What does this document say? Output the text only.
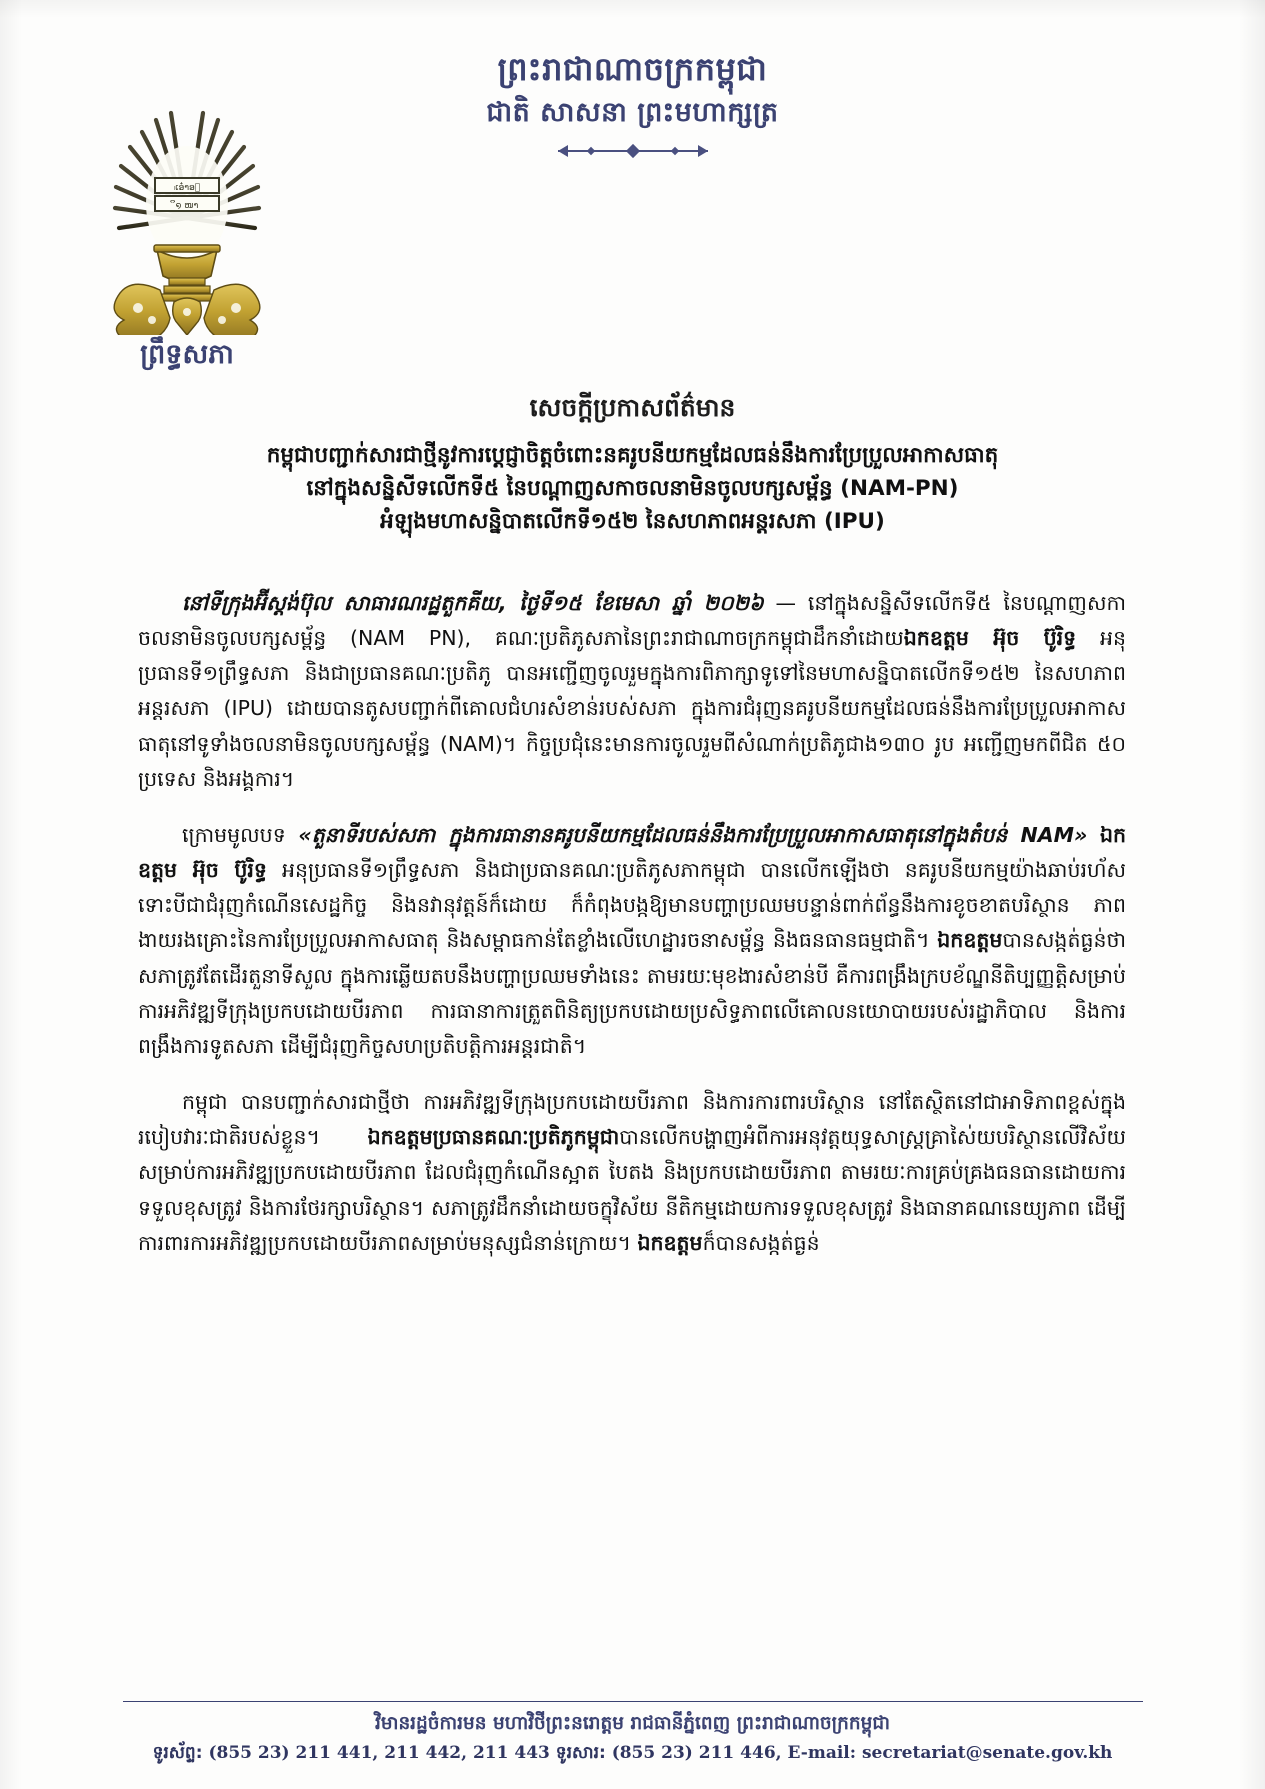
ព្រះរាជាណាចក្រកម្ពុជា
ជាតិ សាសនា ព្រះមហាក្សត្រ
၊ເອ໋າອ຺
ິ໑ ໜາ
ព្រឹទ្ធសភា
សេចក្តីប្រកាសព័ត៌មាន
កម្ពុជាបញ្ជាក់សារជាថ្មីនូវការប្តេជ្ញាចិត្តចំពោះនគរូបនីយកម្មដែលធន់នឹងការប្រែប្រួលអាកាសធាតុ
នៅក្នុងសន្និសីទលើកទី៥ នៃបណ្តាញសកាចលនាមិនចូលបក្សសម្ព័ន្ធ (NAM-PN)
អំឡុងមហាសន្និបាតលើកទី១៥២ នៃសហភាពអន្តរសភា (IPU)

នៅទីក្រុងអ៊ីស្តង់ប៊ុល សាធារណរដ្ឋតួកគីយ, ថ្ងៃទី១៥ ខែមេសា ឆ្នាំ ២០២៦ — នៅក្នុងសន្និសីទលើកទី៥ នៃបណ្តាញសកាចលនាមិនចូលបក្សសម្ព័ន្ធ (NAM PN), គណៈប្រតិភូសភានៃព្រះរាជាណាចក្រកម្ពុជាដឹកនាំដោយឯកឧត្តម អ៊ុច ប៊ូរិទ្ធ អនុប្រធានទី១ព្រឹទ្ធសភា និងជាប្រធានគណៈប្រតិភូ បានអញ្ជើញចូលរួមក្នុងការពិភាក្សាទូទៅនៃមហាសន្និបាតលើកទី១៥២ នៃសហភាពអន្តរសភា (IPU) ដោយបានតូសបញ្ជាក់ពីគោលជំហរសំខាន់របស់សភា ក្នុងការជំរុញនគរូបនីយកម្មដែលធន់នឹងការប្រែប្រួលអាកាសធាតុនៅទូទាំងចលនាមិនចូលបក្សសម្ព័ន្ធ (NAM)។ កិច្ចប្រជុំនេះមានការចូលរួមពីសំណាក់ប្រតិភូជាង១៣០ រូប អញ្ជើញមកពីជិត ៥០ ប្រទេស និងអង្គការ។

ក្រោមមូលបទ «តួនាទីរបស់សភា ក្នុងការធានានគរូបនីយកម្មដែលធន់នឹងការប្រែប្រួលអាកាសធាតុនៅក្នុងតំបន់ NAM» ឯកឧត្តម អ៊ុច ប៊ូរិទ្ធ អនុប្រធានទី១ព្រឹទ្ធសភា និងជាប្រធានគណៈប្រតិភូសភាកម្ពុជា បានលើកឡើងថា នគរូបនីយកម្មយ៉ាងឆាប់រហ័ស ទោះបីជាជំរុញកំណើនសេដ្ឋកិច្ច និងនវានុវត្តន៍ក៏ដោយ ក៏កំពុងបង្កឱ្យមានបញ្ហាប្រឈមបន្ទាន់ពាក់ព័ន្ធនឹងការខូចខាតបរិស្ថាន ភាពងាយរងគ្រោះនៃការប្រែប្រួលអាកាសធាតុ និងសម្ពាធកាន់តែខ្លាំងលើហេដ្ឋារចនាសម្ព័ន្ធ និងធនធានធម្មជាតិ។ ឯកឧត្តមបានសង្កត់ធ្ងន់ថា សភាត្រូវតែដើរតួនាទីសួល ក្នុងការឆ្លើយតបនឹងបញ្ហាប្រឈមទាំងនេះ តាមរយៈមុខងារសំខាន់បី គឺការពង្រឹងក្របខ័ណ្ឌនីតិប្បញ្ញត្តិសម្រាប់ការអភិវឌ្ឍទីក្រុងប្រកបដោយបីរភាព ការធានាការត្រួតពិនិត្យប្រកបដោយប្រសិទ្ធភាពលើគោលនយោបាយរបស់រដ្ឋាភិបាល និងការពង្រឹងការទូតសភា ដើម្បីជំរុញកិច្ចសហប្រតិបត្តិការអន្តរជាតិ។

កម្ពុជា បានបញ្ជាក់សារជាថ្មីថា ការអភិវឌ្ឍទីក្រុងប្រកបដោយបីរភាព និងការការពារបរិស្ថាន នៅតែស្ថិតនៅជាអាទិភាពខ្ពស់ក្នុងរបៀបវារៈជាតិរបស់ខ្លួន។ ឯកឧត្តមប្រធានគណៈប្រតិភូកម្ពុជាបានលើកបង្ហាញអំពីការអនុវត្តយុទ្ធសាស្ត្រគ្រាស់ៃយបរិស្ថានលើវិស័យសម្រាប់ការអភិវឌ្ឍប្រកបដោយបីរភាព ដែលជំរុញកំណើនស្អាត បៃតង និងប្រកបដោយបីរភាព តាមរយៈការគ្រប់គ្រងធនធានដោយការទទួលខុសត្រូវ និងការថែរក្សាបរិស្ថាន។ សភាត្រូវដឹកនាំដោយចក្ខុវិស័យ នីតិកម្មដោយការទទួលខុសត្រូវ និងធានាគណនេយ្យភាព ដើម្បីការពារការអភិវឌ្ឍប្រកបដោយបីរភាពសម្រាប់មនុស្សជំនាន់ក្រោយ។ ឯកឧត្តមក៏បានសង្កត់ធ្ងន់

វិមានរដ្ឋចំការមន មហាវិថីព្រះនរោត្តម រាជធានីភ្នំពេញ ព្រះរាជាណាចក្រកម្ពុជា
ទូរស័ព្ទ: (855 23) 211 441, 211 442, 211 443 ទូរសារ: (855 23) 211 446, E-mail: secretariat@senate.gov.kh
